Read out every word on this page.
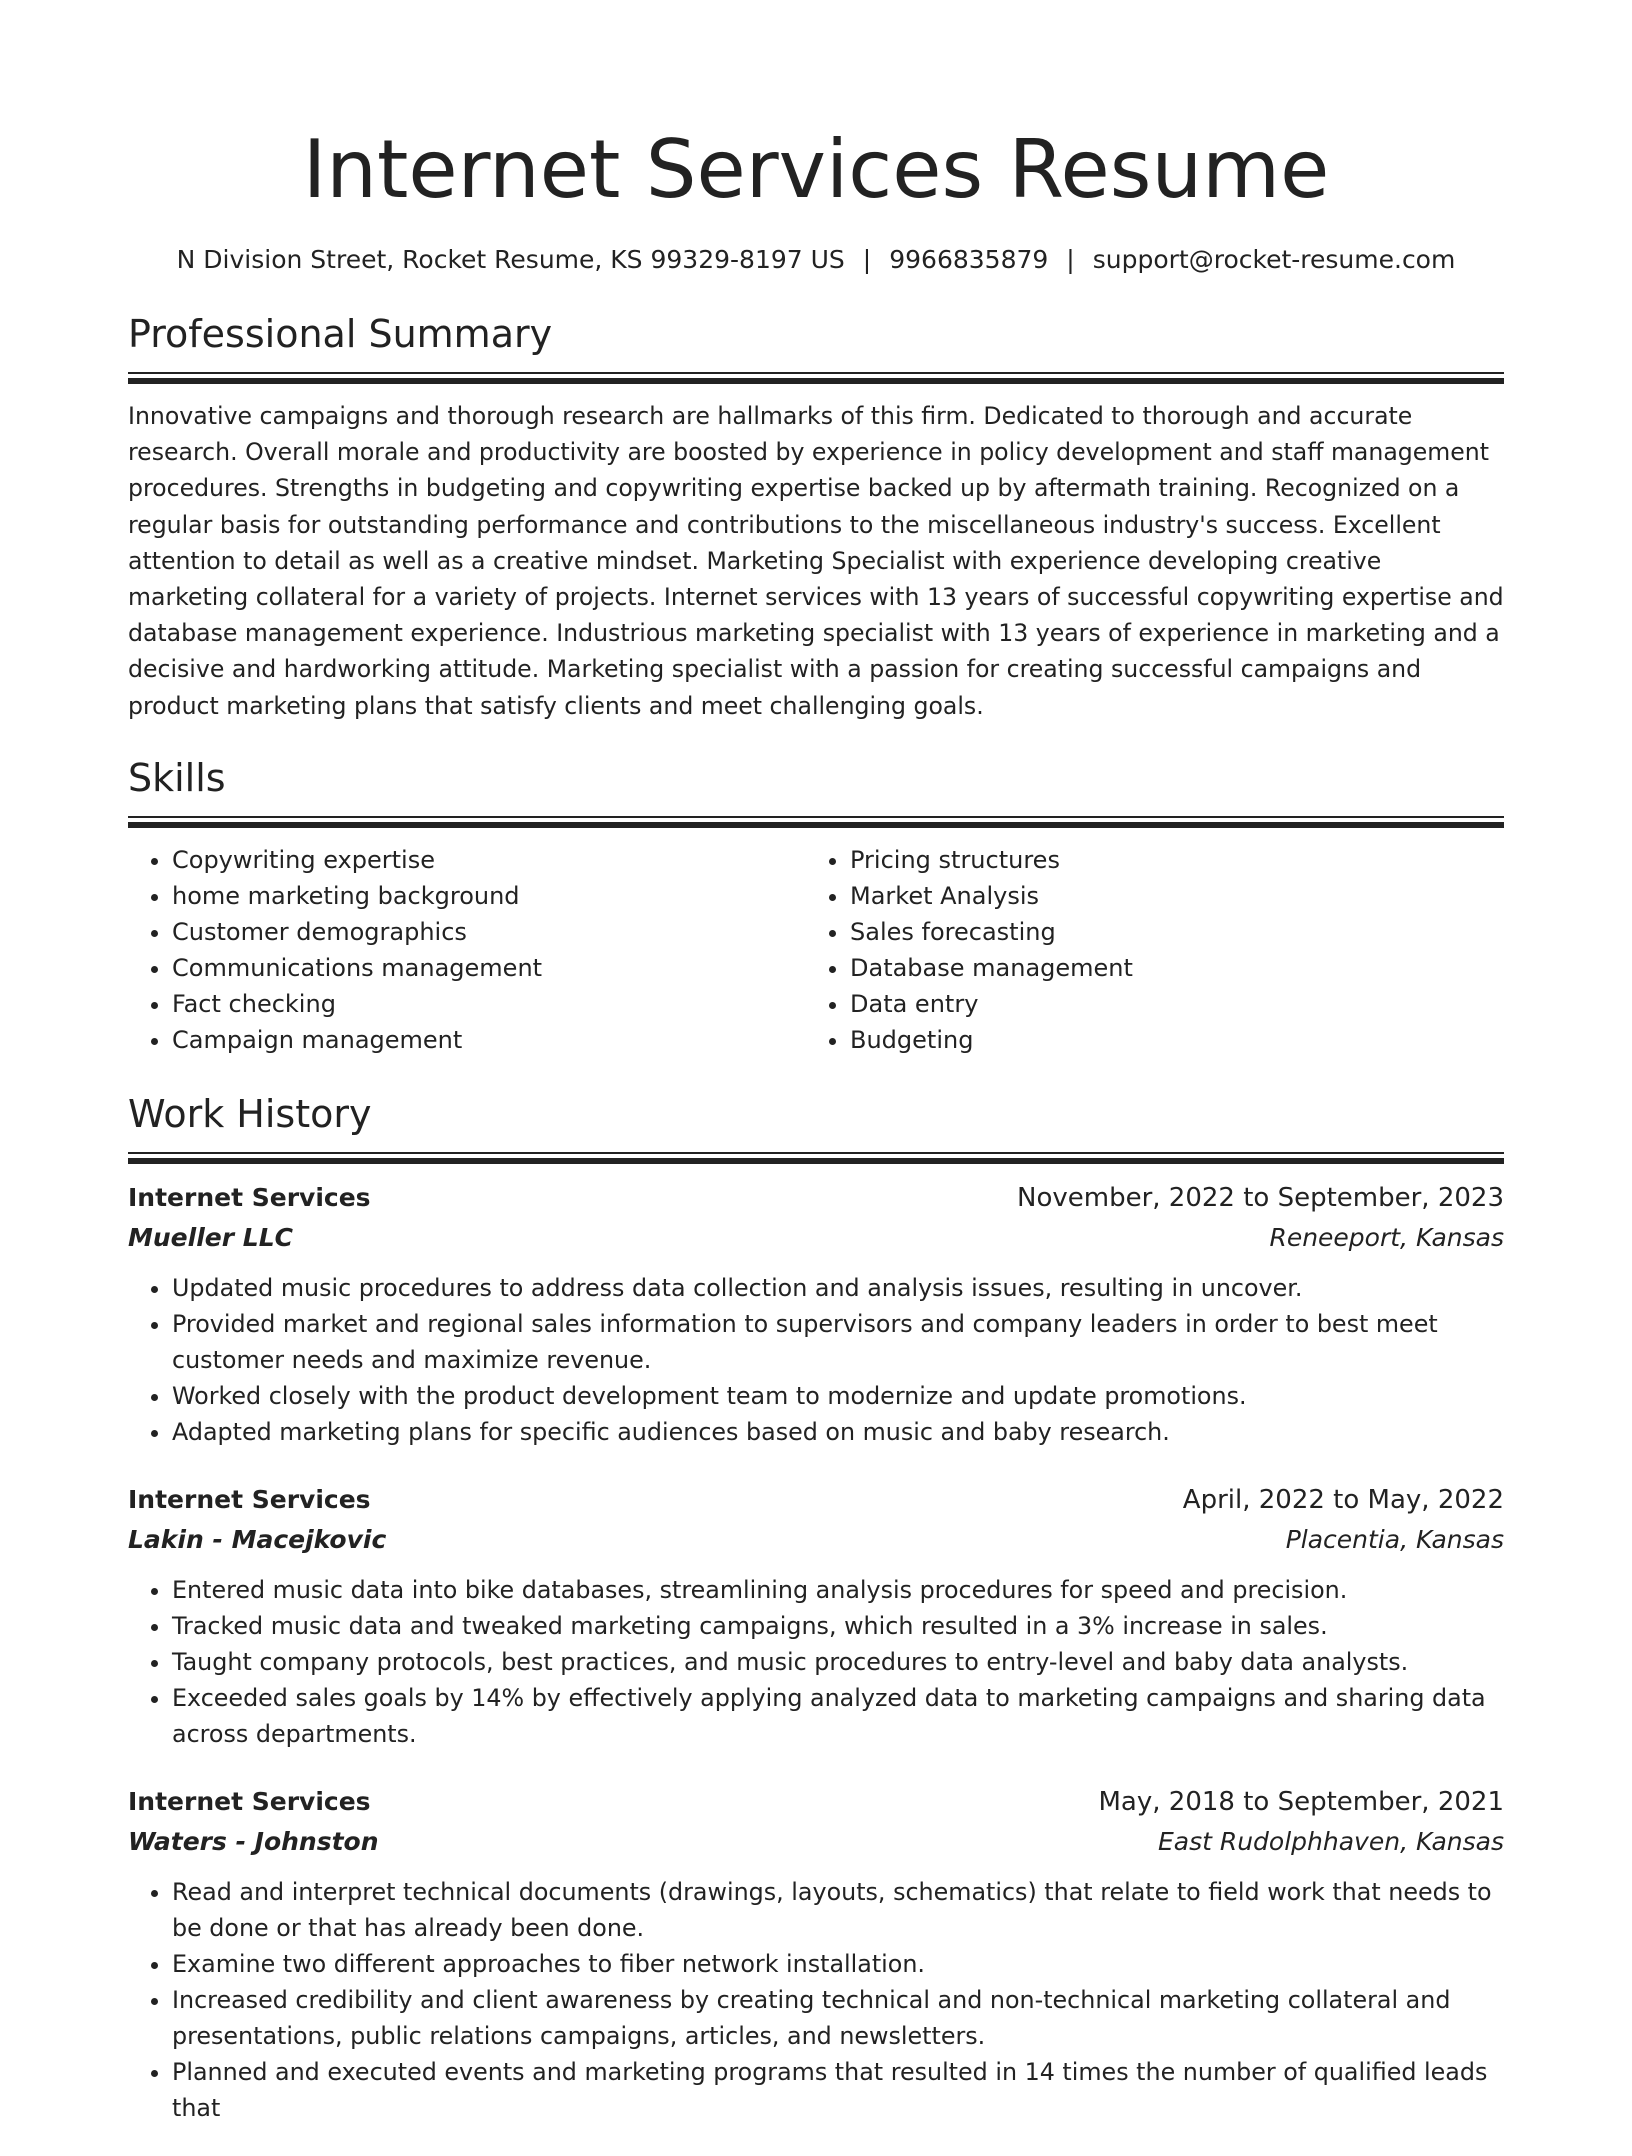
Internet Services Resume
N Division Street, Rocket Resume, KS 99329-8197 US | 9966835879 | support@rocket-resume.com
Professional Summary

Innovative campaigns and thorough research are hallmarks of this firm. Dedicated to thorough and accurate research. Overall morale and productivity are boosted by experience in policy development and staff management procedures. Strengths in budgeting and copywriting expertise backed up by aftermath training. Recognized on a regular basis for outstanding performance and contributions to the miscellaneous industry's success. Excellent attention to detail as well as a creative mindset. Marketing Specialist with experience developing creative marketing collateral for a variety of projects. Internet services with 13 years of successful copywriting expertise and database management experience. Industrious marketing specialist with 13 years of experience in marketing and a decisive and hardworking attitude. Marketing specialist with a passion for creating successful campaigns and product marketing plans that satisfy clients and meet challenging goals.

Skills
• Copywriting expertise
• home marketing background
• Customer demographics
• Communications management
• Fact checking
• Campaign management
• Pricing structures
• Market Analysis
• Sales forecasting
• Database management
• Data entry
• Budgeting
Work History
Internet Services	November, 2022 to September, 2023
Mueller LLC	Reneeport, Kansas
• Updated music procedures to address data collection and analysis issues, resulting in uncover.
• Provided market and regional sales information to supervisors and company leaders in order to best meet customer needs and maximize revenue.
• Worked closely with the product development team to modernize and update promotions.
• Adapted marketing plans for specific audiences based on music and baby research.
Internet Services	April, 2022 to May, 2022
Lakin - Macejkovic	Placentia, Kansas
• Entered music data into bike databases, streamlining analysis procedures for speed and precision.
• Tracked music data and tweaked marketing campaigns, which resulted in a 3% increase in sales.
• Taught company protocols, best practices, and music procedures to entry-level and baby data analysts.
• Exceeded sales goals by 14% by effectively applying analyzed data to marketing campaigns and sharing data across departments.
Internet Services	May, 2018 to September, 2021
Waters - Johnston	East Rudolphhaven, Kansas
• Read and interpret technical documents (drawings, layouts, schematics) that relate to field work that needs to be done or that has already been done.
• Examine two different approaches to fiber network installation.
• Increased credibility and client awareness by creating technical and non-technical marketing collateral and presentations, public relations campaigns, articles, and newsletters.
• Planned and executed events and marketing programs that resulted in 14 times the number of qualified leads that
